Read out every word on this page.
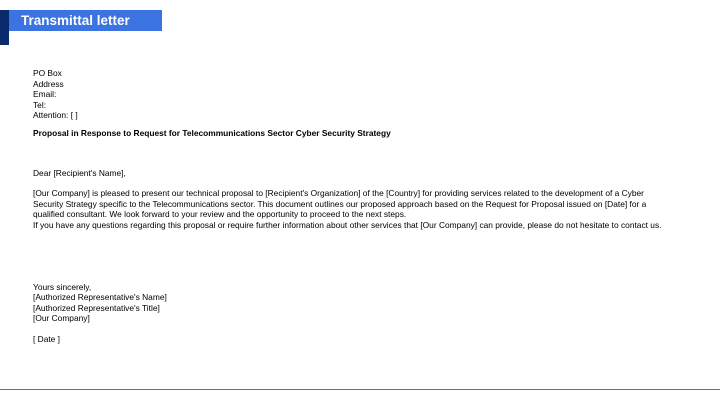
Transmittal letter
PO Box
Address
Email:
Tel:
Attention: [ ]
Proposal in Response to Request for Telecommunications Sector Cyber Security Strategy
Dear [Recipient's Name],
[Our Company] is pleased to present our technical proposal to [Recipient's Organization] of the [Country] for providing services related to the development of a Cyber Security Strategy specific to the Telecommunications sector. This document outlines our proposed approach based on the Request for Proposal issued on [Date] for a qualified consultant. We look forward to your review and the opportunity to proceed to the next steps.
If you have any questions regarding this proposal or require further information about other services that [Our Company] can provide, please do not hesitate to contact us.
Yours sincerely,
[Authorized Representative's Name]
[Authorized Representative's Title]
[Our Company]
[ Date ]
